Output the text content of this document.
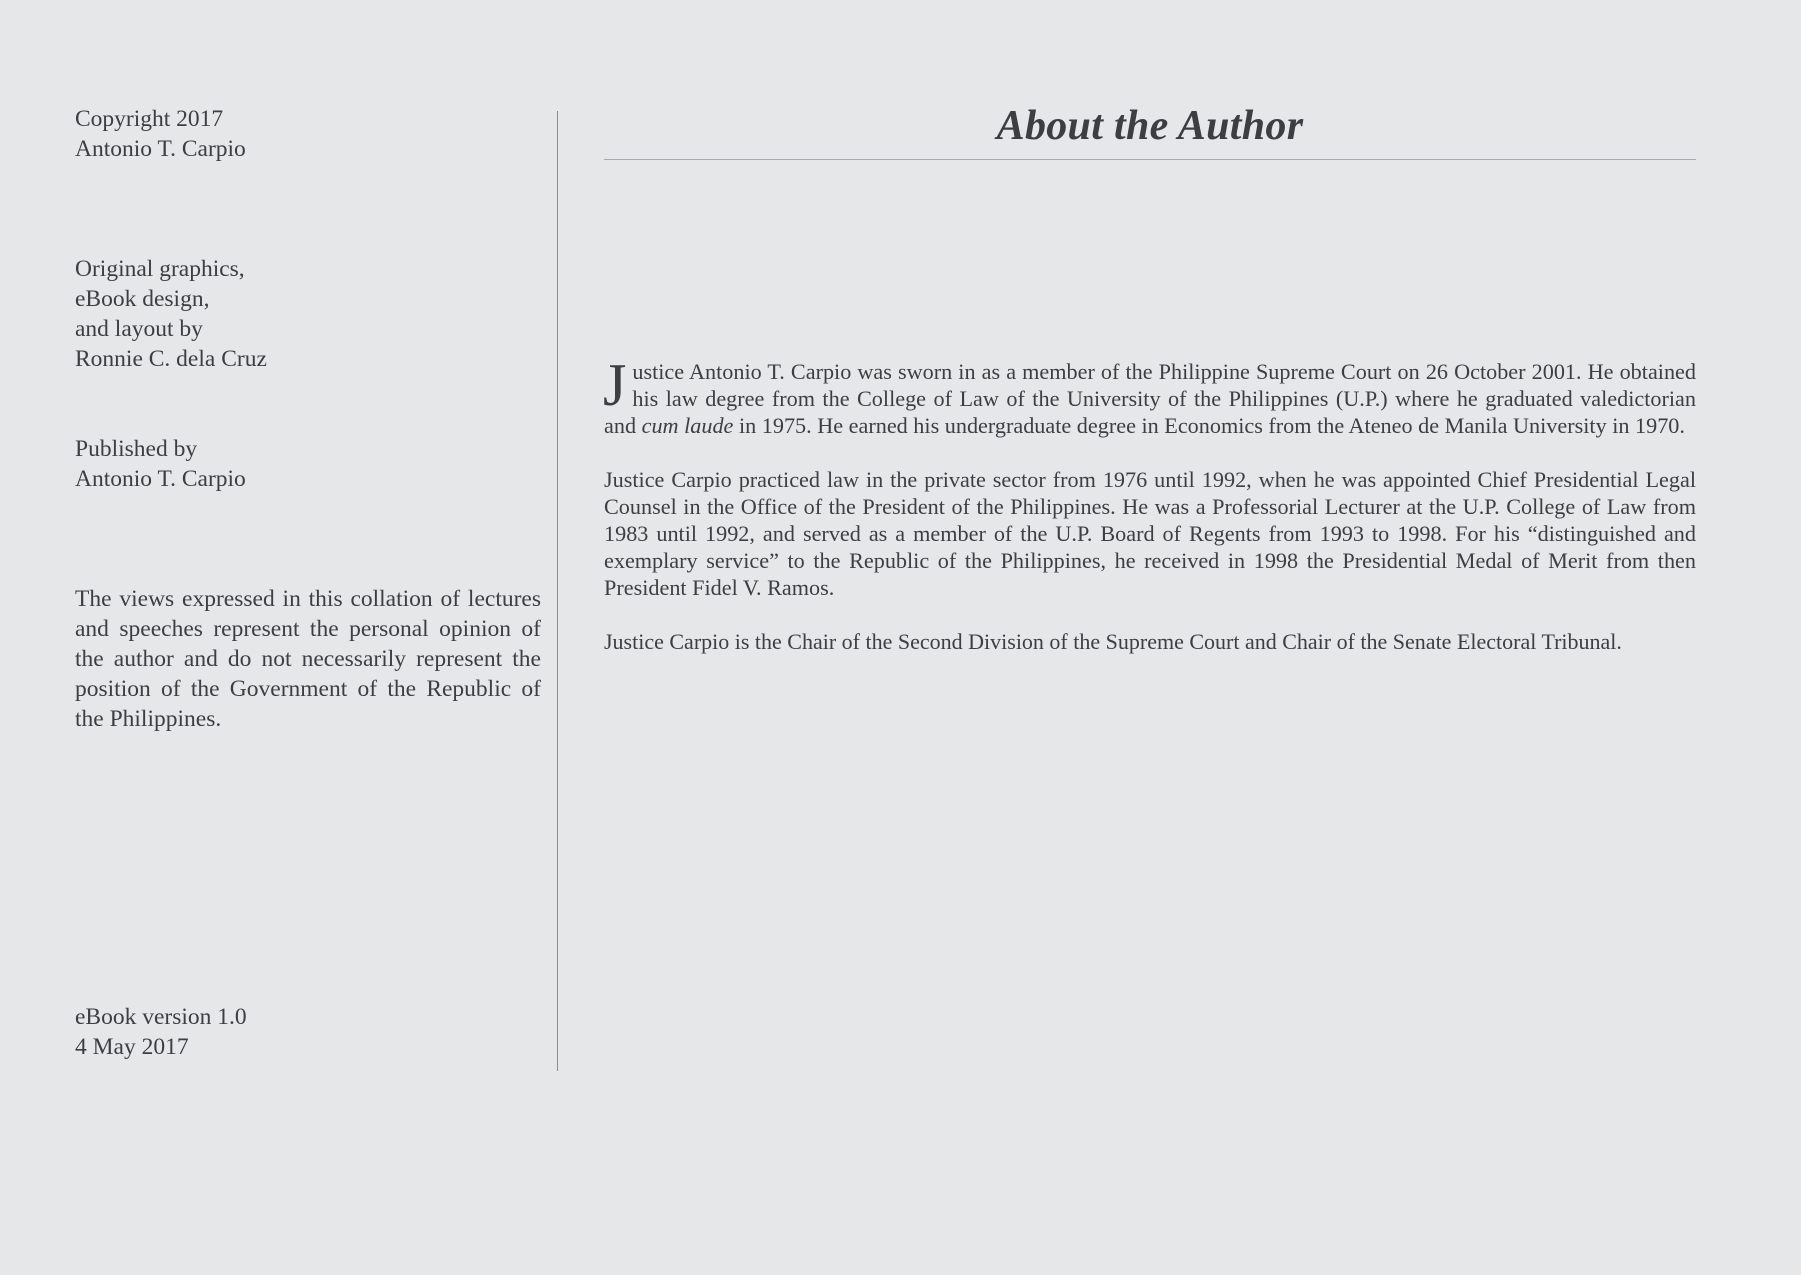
Copyright 2017

Antonio T. Carpio

Original graphics,

eBook design,

and layout by

Ronnie C. dela Cruz

Published by

Antonio T. Carpio

The views expressed in this collation of lectures and speeches represent the personal opinion of the author and do not necessarily represent the position of the Government of the Republic of the Philippines.

eBook version 1.0

4 May 2017

About the Author

Justice Antonio T. Carpio was sworn in as a member of the Philippine Supreme Court on 26 October 2001. He obtained his law degree from the College of Law of the University of the Philippines (U.P.) where he graduated valedictorian and cum laude in 1975. He earned his undergraduate degree in Economics from the Ateneo de Manila University in 1970.

Justice Carpio practiced law in the private sector from 1976 until 1992, when he was appointed Chief Presidential Legal Counsel in the Office of the President of the Philippines. He was a Professorial Lecturer at the U.P. College of Law from 1983 until 1992, and served as a member of the U.P. Board of Regents from 1993 to 1998. For his “distinguished and exemplary service” to the Republic of the Philippines, he received in 1998 the Presidential Medal of Merit from then President Fidel V. Ramos.

Justice Carpio is the Chair of the Second Division of the Supreme Court and Chair of the Senate Electoral Tribunal.
